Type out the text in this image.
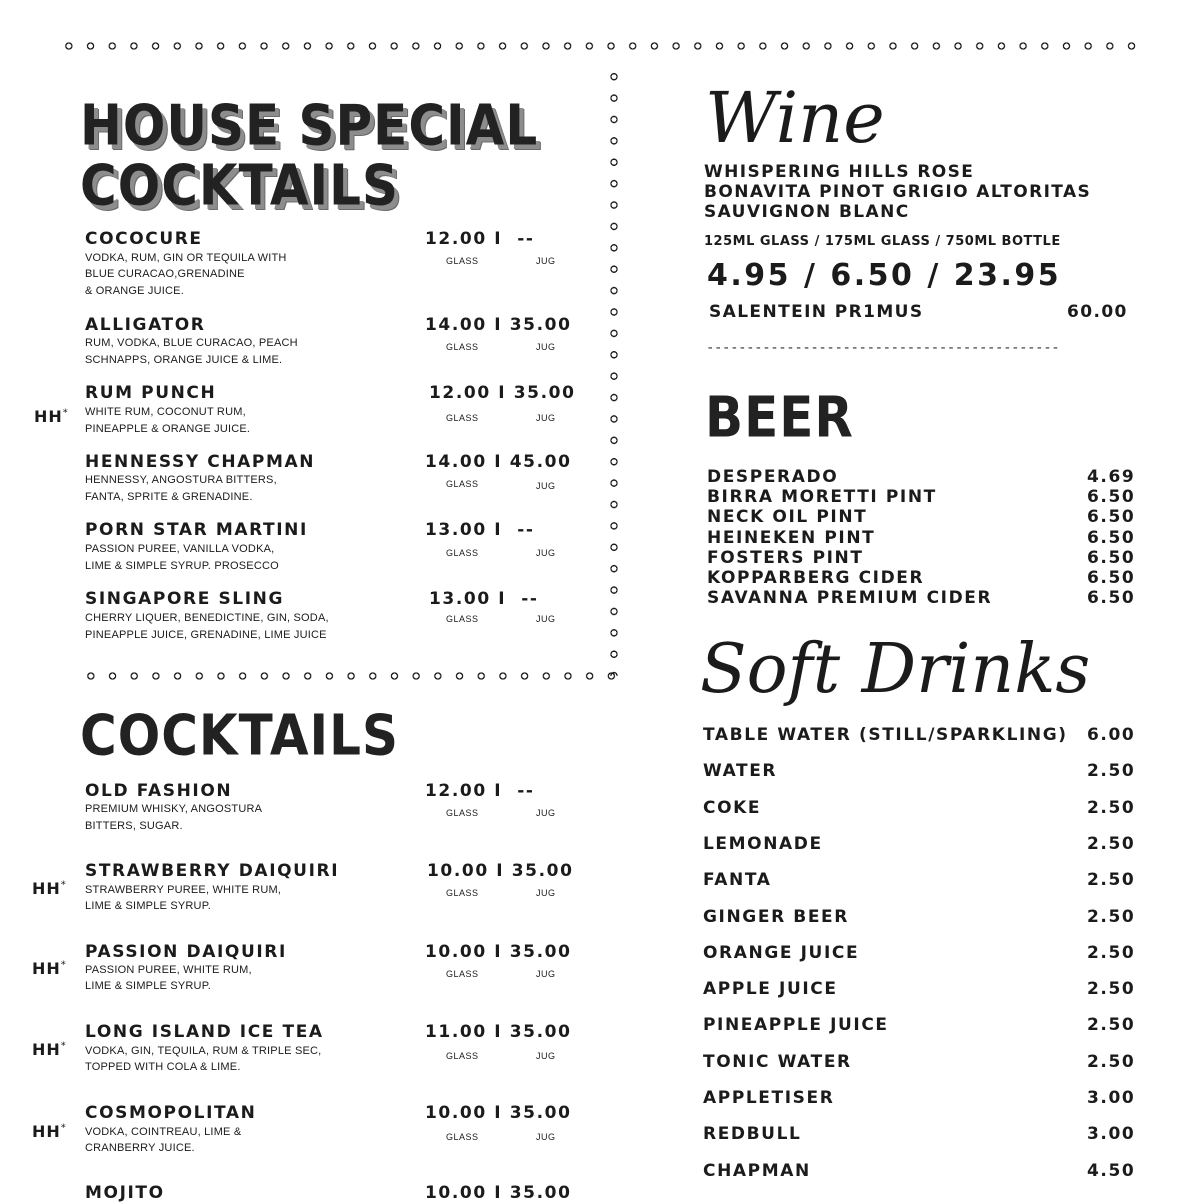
HOUSE SPECIAL
COCKTAILS
COCOCURE
VODKA, RUM, GIN OR TEQUILA WITH
BLUE CURACAO,GRENADINE
& ORANGE JUICE.
12.00 I  --
GLASS	JUG
ALLIGATOR
RUM, VODKA, BLUE CURACAO, PEACH
SCHNAPPS, ORANGE JUICE & LIME.
14.00 I 35.00
GLASS	JUG
HH*
RUM PUNCH
WHITE RUM, COCONUT RUM,
PINEAPPLE & ORANGE JUICE.
12.00 I 35.00
GLASS	JUG
HENNESSY CHAPMAN
HENNESSY, ANGOSTURA BITTERS,
FANTA, SPRITE & GRENADINE.
14.00 I 45.00
GLASS	JUG
PORN STAR MARTINI
PASSION PUREE, VANILLA VODKA,
LIME & SIMPLE SYRUP. PROSECCO
13.00 I  --
GLASS	JUG
SINGAPORE SLING
CHERRY LIQUER, BENEDICTINE, GIN, SODA,
PINEAPPLE JUICE, GRENADINE, LIME JUICE
13.00 I  --
GLASS	JUG
COCKTAILS
OLD FASHION
PREMIUM WHISKY, ANGOSTURA
BITTERS, SUGAR.
12.00 I  --
GLASS	JUG
HH*
STRAWBERRY DAIQUIRI
STRAWBERRY PUREE, WHITE RUM,
LIME & SIMPLE SYRUP.
10.00 I 35.00
GLASS	JUG
HH*
PASSION DAIQUIRI
PASSION PUREE, WHITE RUM,
LIME & SIMPLE SYRUP.
10.00 I 35.00
GLASS	JUG
HH*
LONG ISLAND ICE TEA
VODKA, GIN, TEQUILA, RUM & TRIPLE SEC,
TOPPED WITH COLA & LIME.
11.00 I 35.00
GLASS	JUG
HH*
COSMOPOLITAN
VODKA, COINTREAU, LIME &
CRANBERRY JUICE.
10.00 I 35.00
GLASS	JUG
MOJITO	10.00 I 35.00
Wine
WHISPERING HILLS ROSE
BONAVITA PINOT GRIGIO ALTORITAS
SAUVIGNON BLANC
125ML GLASS / 175ML GLASS / 750ML BOTTLE
4.95 / 6.50 / 23.95
SALENTEIN PR1MUS	60.00
--------------------------------------------
BEER
DESPERADO	4.69
BIRRA MORETTI PINT	6.50
NECK OIL PINT	6.50
HEINEKEN PINT	6.50
FOSTERS PINT	6.50
KOPPARBERG CIDER	6.50
SAVANNA PREMIUM CIDER	6.50
Soft Drinks
TABLE WATER (STILL/SPARKLING) 6.00
WATER	2.50
COKE	2.50
LEMONADE	2.50
FANTA	2.50
GINGER BEER	2.50
ORANGE JUICE	2.50
APPLE JUICE	2.50
PINEAPPLE JUICE	2.50
TONIC WATER	2.50
APPLETISER	3.00
REDBULL	3.00
CHAPMAN	4.50
